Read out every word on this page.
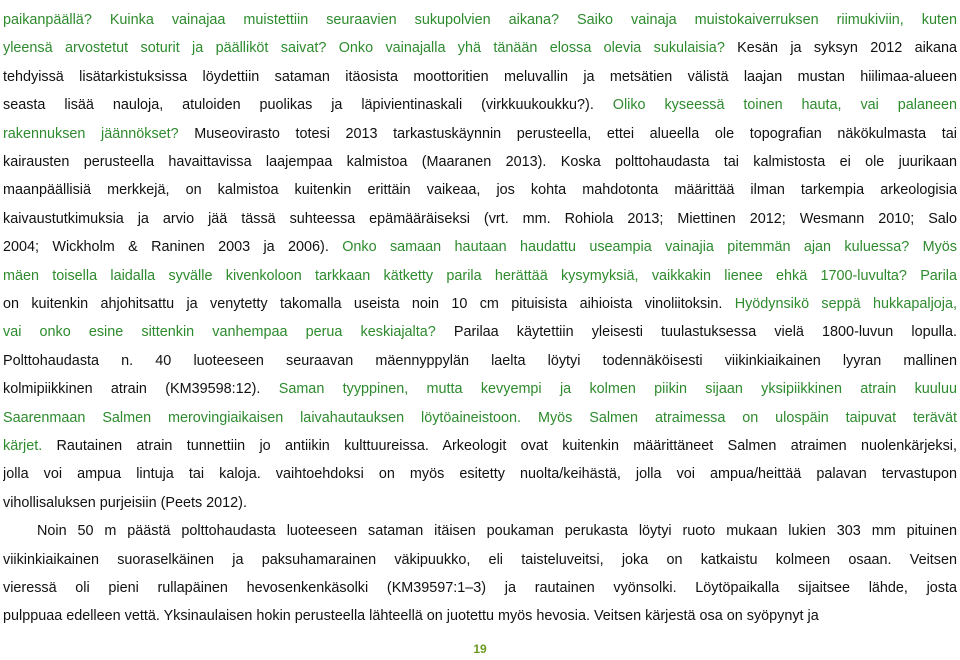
paikanpäällä? Kuinka vainajaa muistettiin seuraavien sukupolvien aikana? Saiko vainaja muistokaiverruksen riimukiviin, kuten
yleensä arvostetut soturit ja päälliköt saivat? Onko vainajalla yhä tänään elossa olevia sukulaisia? Kesän ja syksyn 2012 aikana
tehdyissä lisätarkistuksissa löydettiin sataman itäosista moottoritien meluvallin ja metsätien välistä laajan mustan hiilimaa-alueen
seasta lisää nauloja, atuloiden puolikas ja läpivientinaskali (virkkuukoukku?). Oliko kyseessä toinen hauta, vai palaneen
rakennuksen jäännökset? Museovirasto totesi 2013 tarkastuskäynnin perusteella, ettei alueella ole topografian näkökulmasta tai
kairausten perusteella havaittavissa laajempaa kalmistoa (Maaranen 2013). Koska polttohaudasta tai kalmistosta ei ole juurikaan
maanpäällisiä merkkejä, on kalmistoa kuitenkin erittäin vaikeaa, jos kohta mahdotonta määrittää ilman tarkempia arkeologisia
kaivaustutkimuksia ja arvio jää tässä suhteessa epämääräiseksi (vrt. mm. Rohiola 2013; Miettinen 2012; Wesmann 2010; Salo
2004; Wickholm & Raninen 2003 ja 2006). Onko samaan hautaan haudattu useampia vainajia pitemmän ajan kuluessa? Myös
mäen toisella laidalla syvälle kivenkoloon tarkkaan kätketty parila herättää kysymyksiä, vaikkakin lienee ehkä 1700-luvulta? Parila
on kuitenkin ahjohitsattu ja venytetty takomalla useista noin 10 cm pituisista aihioista vinoliitoksin. Hyödynsikö seppä hukkapaljoja,
vai onko esine sittenkin vanhempaa perua keskiajalta? Parilaa käytettiin yleisesti tuulastuksessa vielä 1800-luvun lopulla.
Polttohaudasta n. 40 luoteeseen seuraavan mäennyppylän laelta löytyi todennäköisesti viikinkiaikainen lyyran mallinen
kolmipiikkinen atrain (KM39598:12). Saman tyyppinen, mutta kevyempi ja kolmen piikin sijaan yksipiikkinen atrain kuuluu
Saarenmaan Salmen merovingiaikaisen laivahautauksen löytöaineistoon. Myös Salmen atraimessa on ulospäin taipuvat terävät
kärjet. Rautainen atrain tunnettiin jo antiikin kulttuureissa. Arkeologit ovat kuitenkin määrittäneet Salmen atraimen nuolenkärjeksi,
jolla voi ampua lintuja tai kaloja. vaihtoehdoksi on myös esitetty nuolta/keihästä, jolla voi ampua/heittää palavan tervastupon
vihollisaluksen purjeisiin (Peets 2012).
Noin 50 m päästä polttohaudasta luoteeseen sataman itäisen poukaman perukasta löytyi ruoto mukaan lukien 303 mm pituinen
viikinkiaikainen suoraselkäinen ja paksuhamarainen väkipuukko, eli taisteluveitsi, joka on katkaistu kolmeen osaan. Veitsen
vieressä oli pieni rullapäinen hevosenkenkäsolki (KM39597:1–3) ja rautainen vyönsolki. Löytöpaikalla sijaitsee lähde, josta
pulppuaa edelleen vettä. Yksinaulaisen hokin perusteella lähteellä on juotettu myös hevosia. Veitsen kärjestä osa on syöpynyt ja
19
